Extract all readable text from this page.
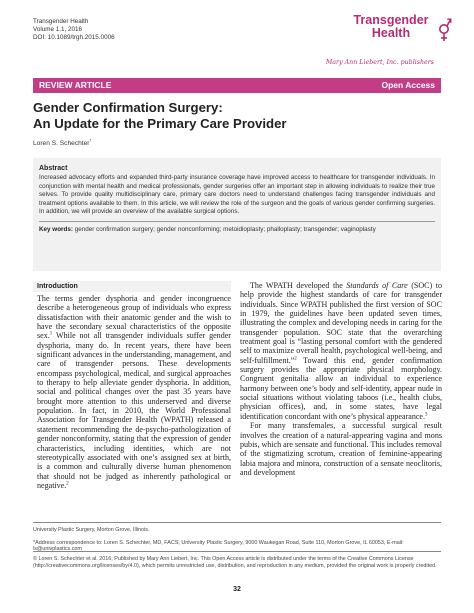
Transgender Health
Volume 1.1, 2016
DOI: 10.1089/trgh.2015.0006
Transgender
Health
Mary Ann Liebert, Inc. publishers
REVIEW ARTICLE	Open Access
Gender Confirmation Surgery:
An Update for the Primary Care Provider
Loren S. Schechter*
Abstract
Increased advocacy efforts and expanded third-party insurance coverage have improved access to healthcare for transgender individuals. In conjunction with mental health and medical professionals, gender surgeries offer an important step in allowing individuals to realize their true selves. To provide quality multidisciplinary care, primary care doctors need to understand challenges facing transgender individuals and treatment options available to them. In this article, we will review the role of the surgeon and the goals of various gender confirming surgeries. In addition, we will provide an overview of the available surgical options.
Key words: gender confirmation surgery; gender nonconforming; metoidioplasty; phalloplasty; transgender; vaginoplasty
Introduction
The terms gender dysphoria and gender incongruence describe a heterogeneous group of individuals who express dissatisfaction with their anatomic gender and the wish to have the secondary sexual characteristics of the opposite sex.$^1$ While not all transgender individuals suffer gender dysphoria, many do. In recent years, there have been significant advances in the understanding, management, and care of transgender persons. These developments encompass psychological, medical, and surgical approaches to therapy to help alleviate gender dysphoria. In addition, social and political changes over the past 35 years have brought more attention to this underserved and diverse population. In fact, in 2010, the World Professional Association for Transgender Health (WPATH) released a statement recommending the de-psycho-pathologization of gender nonconformity, stating that the expression of gender characteristics, including identities, which are not stereotypically associated with one’s assigned sex at birth, is a common and culturally diverse human phenomenon that should not be judged as inherently pathological or negative.$^2$
The WPATH developed the Standards of Care (SOC) to help provide the highest standards of care for transgender individuals. Since WPATH published the first version of SOC in 1979, the guidelines have been updated seven times, illustrating the complex and developing needs in caring for the transgender population. SOC state that the overarching treatment goal is “lasting personal comfort with the gendered self to maximize overall health, psychological well-being, and self-fulfillment.”$^2$ Toward this end, gender confirmation surgery provides the appropriate physical morphology. Congruent genitalia allow an individual to experience harmony between one’s body and self-identity, appear nude in social situations without violating taboos (i.e., health clubs, physician offices), and, in some states, have legal identification concordant with one’s physical appearance.$^3$
For many transfemales, a successful surgical result involves the creation of a natural-appearing vagina and mons pubis, which are sensate and functional. This includes removal of the stigmatizing scrotum, creation of feminine-appearing labia majora and minora, construction of a sensate neoclitoris, and development
University Plastic Surgery, Morton Grove, Illinois.
*Address correspondence to: Loren S. Schechter, MD, FACS, University Plastic Surgery, 9000 Waukegan Road, Suite 110, Morton Grove, IL 60053, E-mail: ls@univplastics.com
© Loren S. Schechter et al. 2016; Published by Mary Ann Liebert, Inc. This Open Access article is distributed under the terms of the Creative Commons License (http://creativecommons.org/licenses/by/4.0), which permits unrestricted use, distribution, and reproduction in any medium, provided the original work is properly credited.
32
